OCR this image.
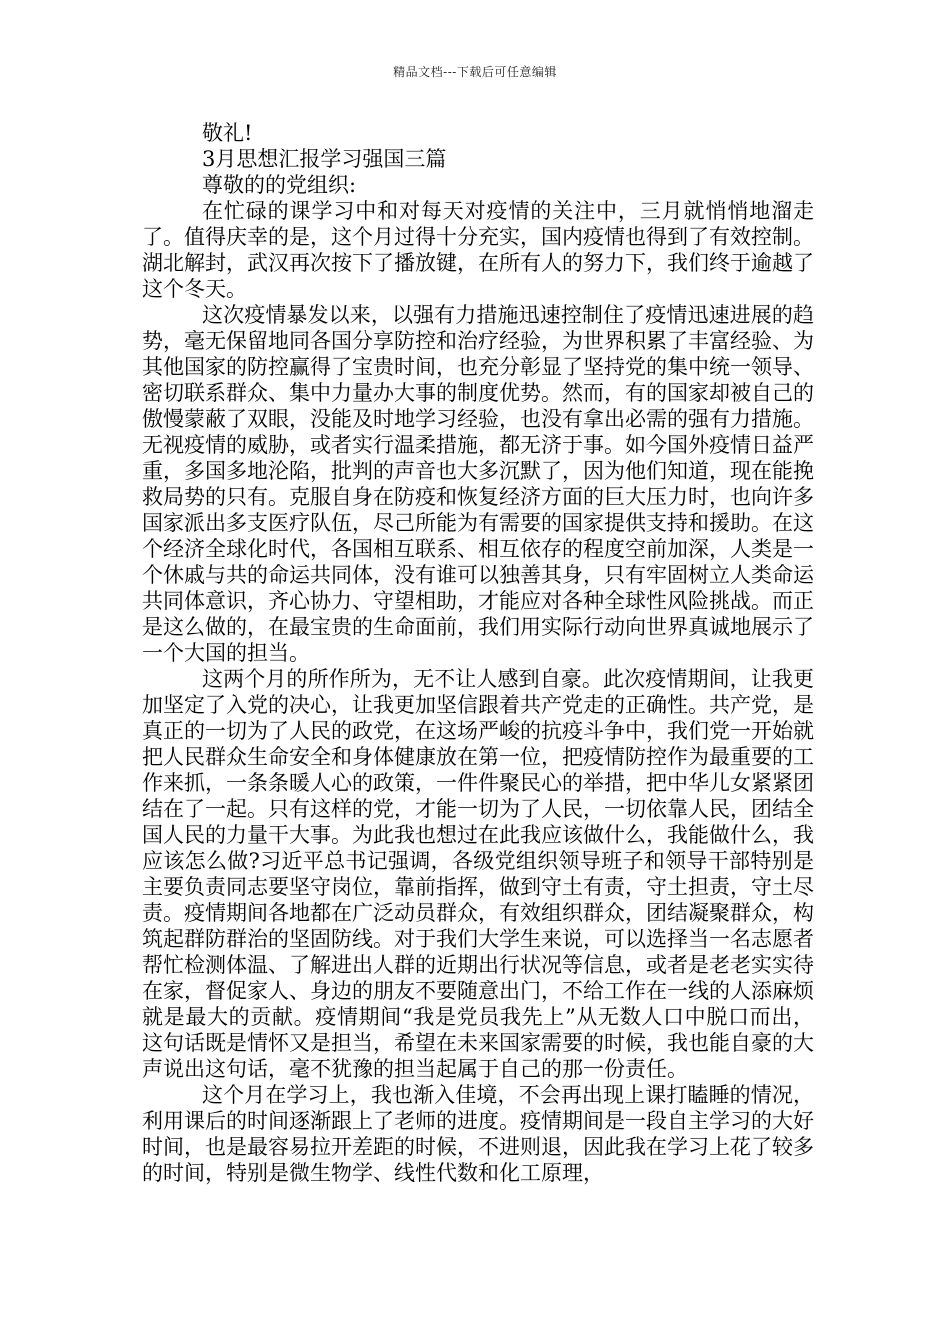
精品文档---下载后可任意编辑

敬礼!

3月思想汇报学习强国三篇

尊敬的的党组织:

在忙碌的课学习中和对每天对疫情的关注中，三月就悄悄地溜走了。值得庆幸的是，这个月过得十分充实，国内疫情也得到了有效控制。湖北解封，武汉再次按下了播放键，在所有人的努力下，我们终于逾越了这个冬天。

这次疫情暴发以来，以强有力措施迅速控制住了疫情迅速进展的趋势，毫无保留地同各国分享防控和治疗经验，为世界积累了丰富经验、为其他国家的防控赢得了宝贵时间，也充分彰显了坚持党的集中统一领导、密切联系群众、集中力量办大事的制度优势。然而，有的国家却被自己的傲慢蒙蔽了双眼，没能及时地学习经验，也没有拿出必需的强有力措施。无视疫情的威胁，或者实行温柔措施，都无济于事。如今国外疫情日益严重，多国多地沦陷，批判的声音也大多沉默了，因为他们知道，现在能挽救局势的只有。克服自身在防疫和恢复经济方面的巨大压力时，也向许多国家派出多支医疗队伍，尽己所能为有需要的国家提供支持和援助。在这个经济全球化时代，各国相互联系、相互依存的程度空前加深，人类是一个休戚与共的命运共同体，没有谁可以独善其身，只有牢固树立人类命运共同体意识，齐心协力、守望相助，才能应对各种全球性风险挑战。而正是这么做的，在最宝贵的生命面前，我们用实际行动向世界真诚地展示了一个大国的担当。

这两个月的所作所为，无不让人感到自豪。此次疫情期间，让我更加坚定了入党的决心，让我更加坚信跟着共产党走的正确性。共产党，是真正的一切为了人民的政党，在这场严峻的抗疫斗争中，我们党一开始就把人民群众生命安全和身体健康放在第一位，把疫情防控作为最重要的工作来抓，一条条暖人心的政策，一件件聚民心的举措，把中华儿女紧紧团结在了一起。只有这样的党，才能一切为了人民，一切依靠人民，团结全国人民的力量干大事。为此我也想过在此我应该做什么，我能做什么，我应该怎么做?习近平总书记强调，各级党组织领导班子和领导干部特别是主要负责同志要坚守岗位，靠前指挥，做到守土有责，守土担责，守土尽责。疫情期间各地都在广泛动员群众，有效组织群众，团结凝聚群众，构筑起群防群治的坚固防线。对于我们大学生来说，可以选择当一名志愿者帮忙检测体温、了解进出人群的近期出行状况等信息，或者是老老实实待在家，督促家人、身边的朋友不要随意出门，不给工作在一线的人添麻烦就是最大的贡献。疫情期间“我是党员我先上”从无数人口中脱口而出，这句话既是情怀又是担当，希望在未来国家需要的时候，我也能自豪的大声说出这句话，毫不犹豫的担当起属于自己的那一份责任。

这个月在学习上，我也渐入佳境，不会再出现上课打瞌睡的情况，利用课后的时间逐渐跟上了老师的进度。疫情期间是一段自主学习的大好时间，也是最容易拉开差距的时候，不进则退，因此我在学习上花了较多的时间，特别是微生物学、线性代数和化工原理，
